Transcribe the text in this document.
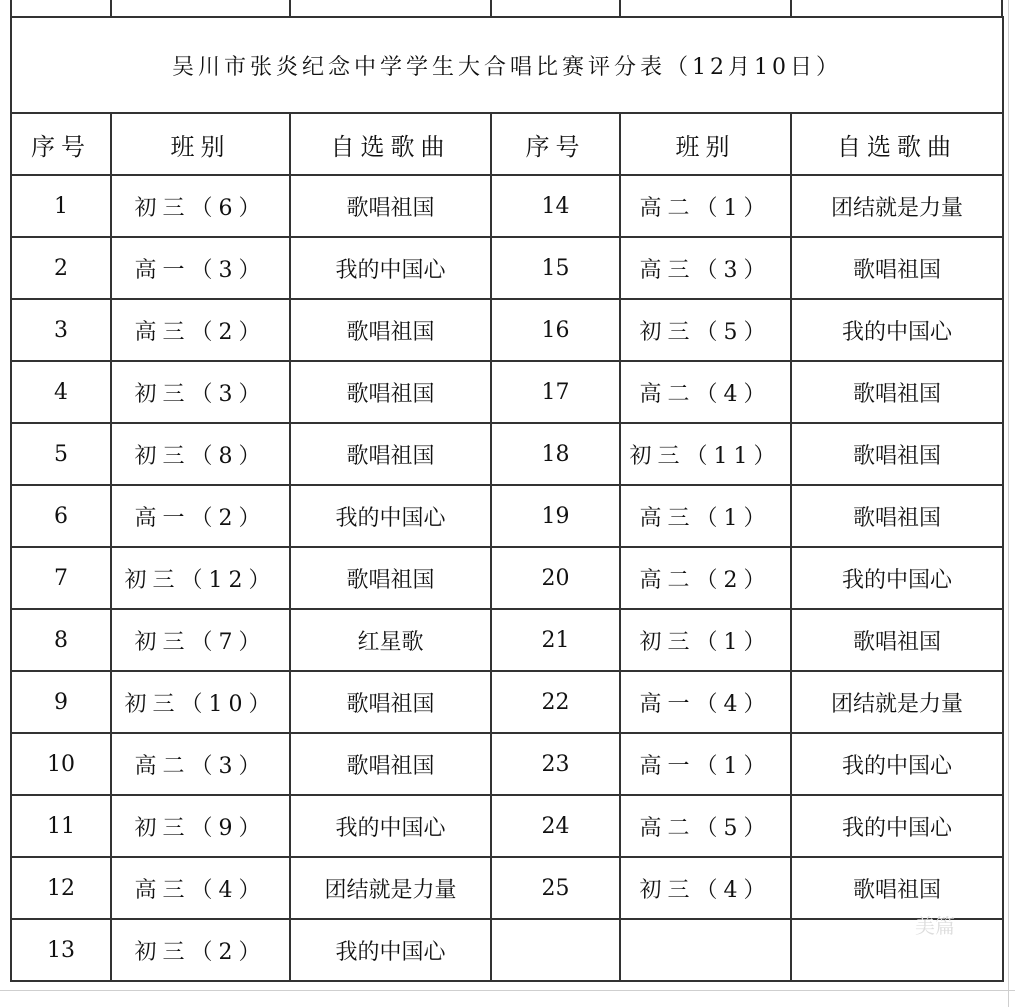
吴川市张炎纪念中学学生大合唱比赛评分表（12月10日）					
序号	班别	自选歌曲	序号	班别	自选歌曲
1	初三（6）	歌唱祖国	14	高二（1）	团结就是力量
2	高一（3）	我的中国心	15	高三（3）	歌唱祖国
3	高三（2）	歌唱祖国	16	初三（5）	我的中国心
4	初三（3）	歌唱祖国	17	高二（4）	歌唱祖国
5	初三（8）	歌唱祖国	18	初三（11）	歌唱祖国
6	高一（2）	我的中国心	19	高三（1）	歌唱祖国
7	初三（12）	歌唱祖国	20	高二（2）	我的中国心
8	初三（7）	红星歌	21	初三（1）	歌唱祖国
9	初三（10）	歌唱祖国	22	高一（4）	团结就是力量
10	高二（3）	歌唱祖国	23	高一（1）	我的中国心
11	初三（9）	我的中国心	24	高二（5）	我的中国心
12	高三（4）	团结就是力量	25	初三（4）	歌唱祖国
13	初三（2）	我的中国心			
美篇
